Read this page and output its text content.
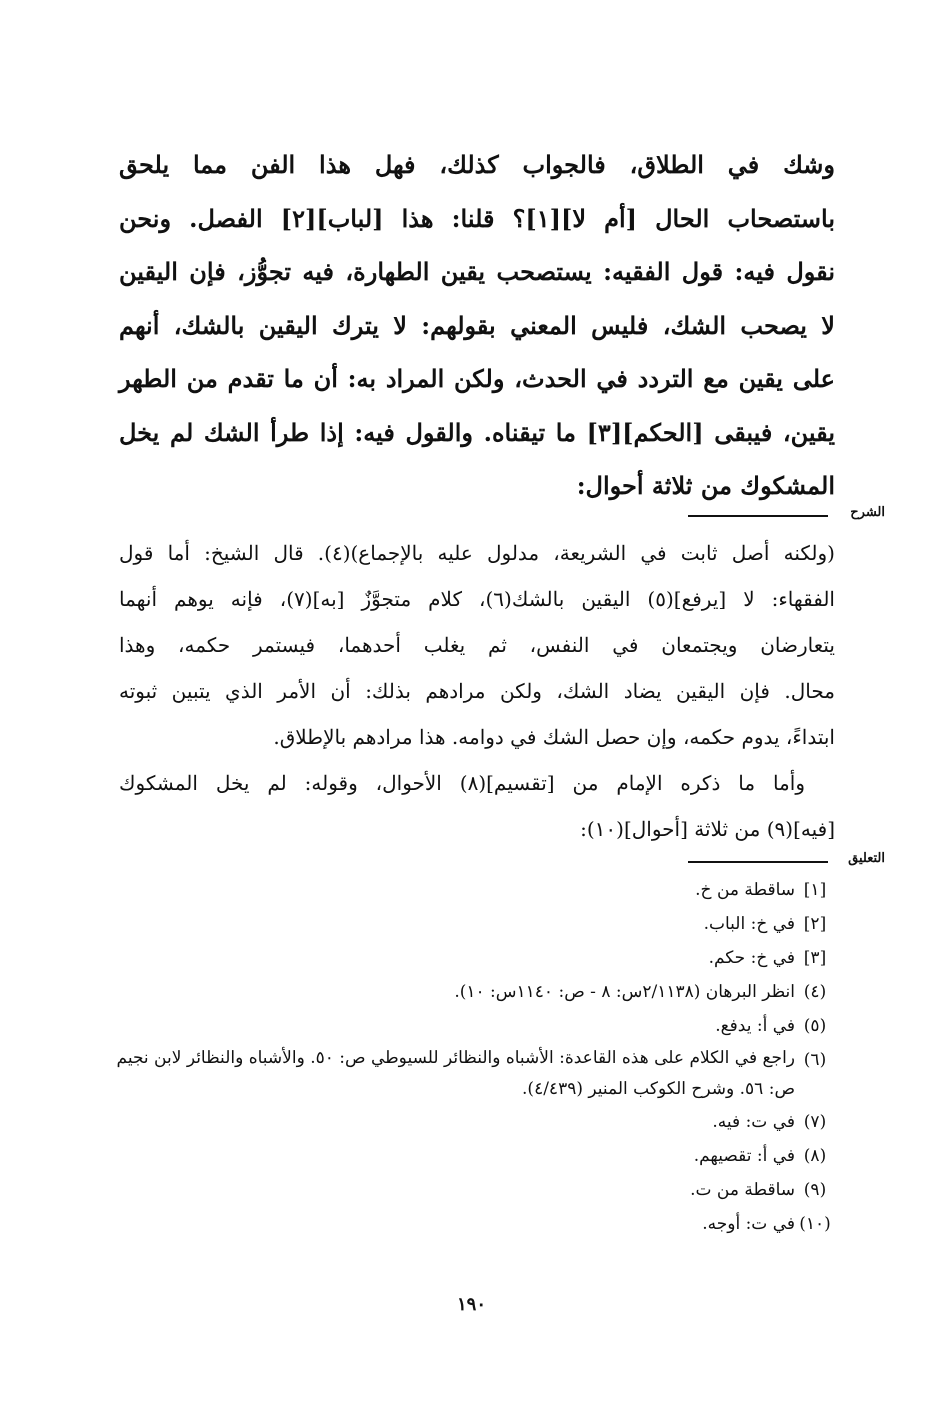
وشك في الطلاق، فالجواب كذلك، فهل هذا الفن مما يلحق
باستصحاب الحال [أم لا][١]؟ قلنا: هذا [لباب][٢] الفصل. ونحن
نقول فيه: قول الفقيه: يستصحب يقين الطهارة، فيه تجوُّز، فإن اليقين
لا يصحب الشك، فليس المعني بقولهم: لا يترك اليقين بالشك، أنهم
على يقين مع التردد في الحدث، ولكن المراد به: أن ما تقدم من الطهر
يقين، فيبقى [الحكم][٣] ما تيقناه. والقول فيه: إذا طرأ الشك لم يخل
المشكوك من ثلاثة أحوال:
الشرح
(ولكنه أصل ثابت في الشريعة، مدلول عليه بالإجماع)(٤). قال الشيخ: أما قول
الفقهاء: لا [يرفع](٥) اليقين بالشك(٦)، كلام متجوَّزٌ [به](٧)، فإنه يوهم أنهما
يتعارضان ويجتمعان في النفس، ثم يغلب أحدهما، فيستمر حكمه، وهذا
محال. فإن اليقين يضاد الشك، ولكن مرادهم بذلك: أن الأمر الذي يتبين ثبوته
ابتداءً، يدوم حكمه، وإن حصل الشك في دوامه. هذا مرادهم بالإطلاق.
وأما ما ذكره الإمام من [تقسيم](٨) الأحوال، وقوله: لم يخل المشكوك
[فيه](٩) من ثلاثة [أحوال](١٠):
التعليق
[١]
ساقطة من خ.
[٢]
في خ: الباب.
[٣]
في خ: حكم.
(٤)
انظر البرهان (٢/١١٣٨س: ٨ - ص: ١١٤٠س: ١٠).
(٥)
في أ: يدفع.
(٦)
راجع في الكلام على هذه القاعدة: الأشباه والنظائر للسيوطي ص: ٥٠. والأشباه والنظائر لابن نجيم ص: ٥٦. وشرح الكوكب المنير (٤/٤٣٩).
(٧)
في ت: فيه.
(٨)
في أ: تقصيهم.
(٩)
ساقطة من ت.
(١٠)
في ت: أوجه.
١٩٠
